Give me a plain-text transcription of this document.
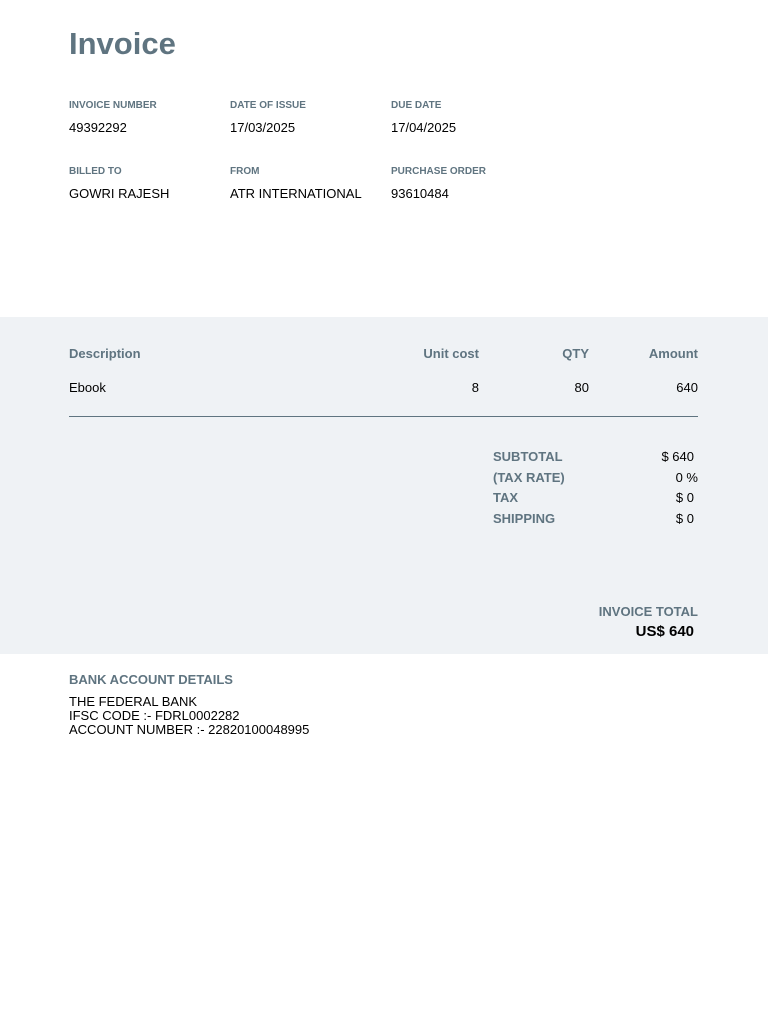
Invoice
INVOICE NUMBER
49392292
DATE OF ISSUE
17/03/2025
DUE DATE
17/04/2025
BILLED TO
GOWRI RAJESH
FROM
ATR INTERNATIONAL
PURCHASE ORDER
93610484
Description	Unit cost	QTY	Amount
Ebook	8	80	640
SUBTOTAL	$ 640
(TAX RATE)	0 %
TAX	$ 0
SHIPPING	$ 0
INVOICE TOTAL
US$ 640
BANK ACCOUNT DETAILS
THE FEDERAL BANK
IFSC CODE :- FDRL0002282
ACCOUNT NUMBER :- 22820100048995
